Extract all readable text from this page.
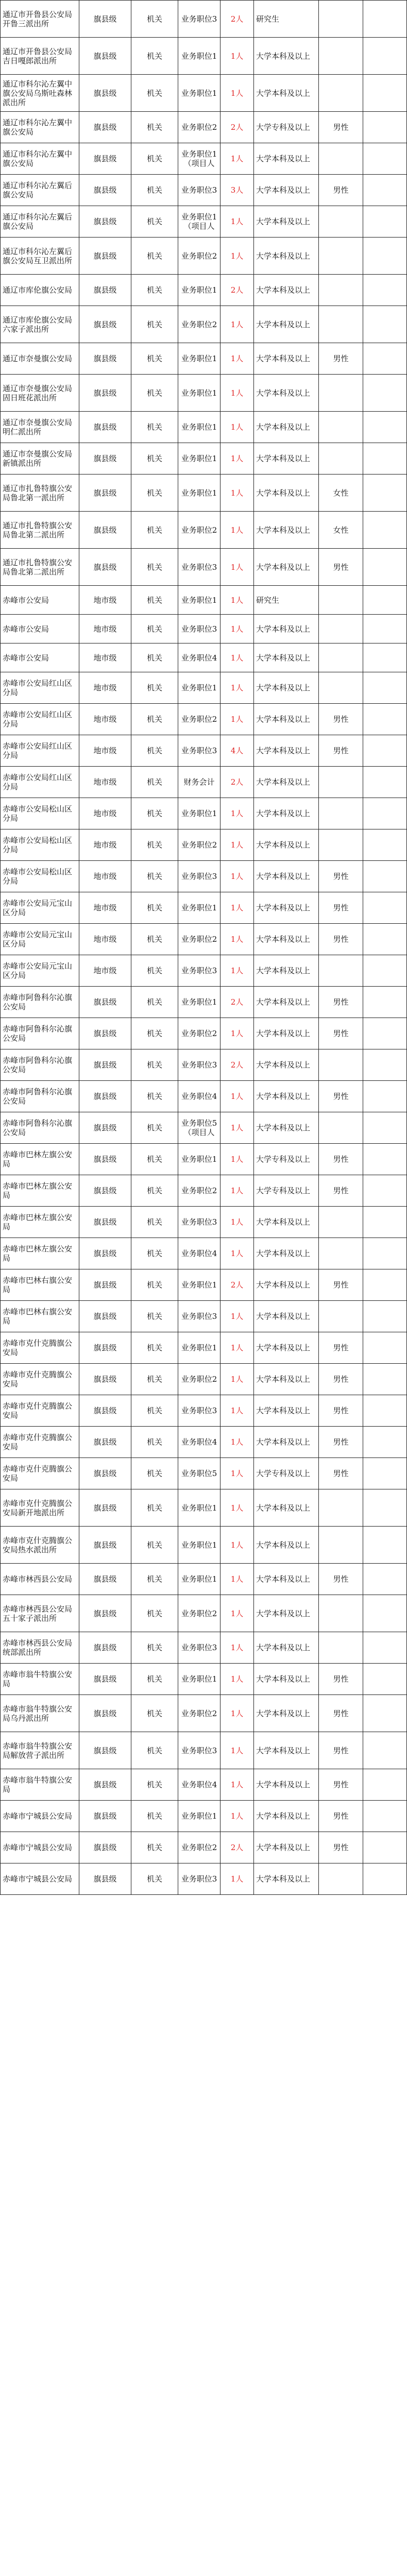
通辽市开鲁县公安局开鲁三派出所	旗县级	机关	业务职位3	2人	研究生		
通辽市开鲁县公安局吉日嘎郎派出所	旗县级	机关	业务职位1	1人	大学本科及以上		
通辽市科尔沁左翼中旗公安局乌斯吐森林派出所	旗县级	机关	业务职位1	1人	大学本科及以上		
通辽市科尔沁左翼中旗公安局	旗县级	机关	业务职位2	2人	大学专科及以上	男性	
通辽市科尔沁左翼中旗公安局	旗县级	机关	业务职位1（项目人	1人	大学本科及以上		
通辽市科尔沁左翼后旗公安局	旗县级	机关	业务职位3	3人	大学本科及以上	男性	
通辽市科尔沁左翼后旗公安局	旗县级	机关	业务职位1（项目人	1人	大学本科及以上		
通辽市科尔沁左翼后旗公安局互卫派出所	旗县级	机关	业务职位2	1人	大学本科及以上		
通辽市库伦旗公安局	旗县级	机关	业务职位1	2人	大学本科及以上		
通辽市库伦旗公安局六家子派出所	旗县级	机关	业务职位2	1人	大学本科及以上		
通辽市奈曼旗公安局	旗县级	机关	业务职位1	1人	大学本科及以上	男性	
通辽市奈曼旗公安局固日班花派出所	旗县级	机关	业务职位1	1人	大学本科及以上		
通辽市奈曼旗公安局明仁派出所	旗县级	机关	业务职位1	1人	大学本科及以上		
通辽市奈曼旗公安局新镇派出所	旗县级	机关	业务职位1	1人	大学本科及以上		
通辽市扎鲁特旗公安局鲁北第一派出所	旗县级	机关	业务职位1	1人	大学本科及以上	女性	
通辽市扎鲁特旗公安局鲁北第二派出所	旗县级	机关	业务职位2	1人	大学本科及以上	女性	
通辽市扎鲁特旗公安局鲁北第二派出所	旗县级	机关	业务职位3	1人	大学本科及以上	男性	
赤峰市公安局	地市级	机关	业务职位1	1人	研究生		
赤峰市公安局	地市级	机关	业务职位3	1人	大学本科及以上		
赤峰市公安局	地市级	机关	业务职位4	1人	大学本科及以上		
赤峰市公安局红山区分局	地市级	机关	业务职位1	1人	大学本科及以上		
赤峰市公安局红山区分局	地市级	机关	业务职位2	1人	大学本科及以上	男性	
赤峰市公安局红山区分局	地市级	机关	业务职位3	4人	大学本科及以上	男性	
赤峰市公安局红山区分局	地市级	机关	财务会计	2人	大学本科及以上		
赤峰市公安局松山区分局	地市级	机关	业务职位1	1人	大学本科及以上		
赤峰市公安局松山区分局	地市级	机关	业务职位2	1人	大学本科及以上		
赤峰市公安局松山区分局	地市级	机关	业务职位3	1人	大学本科及以上	男性	
赤峰市公安局元宝山区分局	地市级	机关	业务职位1	1人	大学本科及以上	男性	
赤峰市公安局元宝山区分局	地市级	机关	业务职位2	1人	大学本科及以上	男性	
赤峰市公安局元宝山区分局	地市级	机关	业务职位3	1人	大学本科及以上		
赤峰市阿鲁科尔沁旗公安局	旗县级	机关	业务职位1	2人	大学本科及以上	男性	
赤峰市阿鲁科尔沁旗公安局	旗县级	机关	业务职位2	1人	大学本科及以上	男性	
赤峰市阿鲁科尔沁旗公安局	旗县级	机关	业务职位3	2人	大学本科及以上		
赤峰市阿鲁科尔沁旗公安局	旗县级	机关	业务职位4	1人	大学本科及以上	男性	
赤峰市阿鲁科尔沁旗公安局	旗县级	机关	业务职位5（项目人	1人	大学本科及以上		
赤峰市巴林左旗公安局	旗县级	机关	业务职位1	1人	大学专科及以上	男性	
赤峰市巴林左旗公安局	旗县级	机关	业务职位2	1人	大学专科及以上	男性	
赤峰市巴林左旗公安局	旗县级	机关	业务职位3	1人	大学本科及以上		
赤峰市巴林左旗公安局	旗县级	机关	业务职位4	1人	大学本科及以上		
赤峰市巴林右旗公安局	旗县级	机关	业务职位1	2人	大学本科及以上	男性	
赤峰市巴林右旗公安局	旗县级	机关	业务职位3	1人	大学本科及以上		
赤峰市克什克腾旗公安局	旗县级	机关	业务职位1	1人	大学本科及以上	男性	
赤峰市克什克腾旗公安局	旗县级	机关	业务职位2	1人	大学本科及以上	男性	
赤峰市克什克腾旗公安局	旗县级	机关	业务职位3	1人	大学本科及以上	男性	
赤峰市克什克腾旗公安局	旗县级	机关	业务职位4	1人	大学本科及以上	男性	
赤峰市克什克腾旗公安局	旗县级	机关	业务职位5	1人	大学专科及以上	男性	
赤峰市克什克腾旗公安局新开地派出所	旗县级	机关	业务职位1	1人	大学本科及以上		
赤峰市克什克腾旗公安局热水派出所	旗县级	机关	业务职位1	1人	大学本科及以上		
赤峰市林西县公安局	旗县级	机关	业务职位1	1人	大学本科及以上	男性	
赤峰市林西县公安局五十家子派出所	旗县级	机关	业务职位2	1人	大学本科及以上		
赤峰市林西县公安局统部派出所	旗县级	机关	业务职位3	1人	大学本科及以上		
赤峰市翁牛特旗公安局	旗县级	机关	业务职位1	1人	大学本科及以上	男性	
赤峰市翁牛特旗公安局乌丹派出所	旗县级	机关	业务职位2	1人	大学本科及以上	男性	
赤峰市翁牛特旗公安局解放营子派出所	旗县级	机关	业务职位3	1人	大学本科及以上	男性	
赤峰市翁牛特旗公安局	旗县级	机关	业务职位4	1人	大学本科及以上	男性	
赤峰市宁城县公安局	旗县级	机关	业务职位1	1人	大学本科及以上	男性	
赤峰市宁城县公安局	旗县级	机关	业务职位2	2人	大学本科及以上	男性	
赤峰市宁城县公安局	旗县级	机关	业务职位3	1人	大学本科及以上		
